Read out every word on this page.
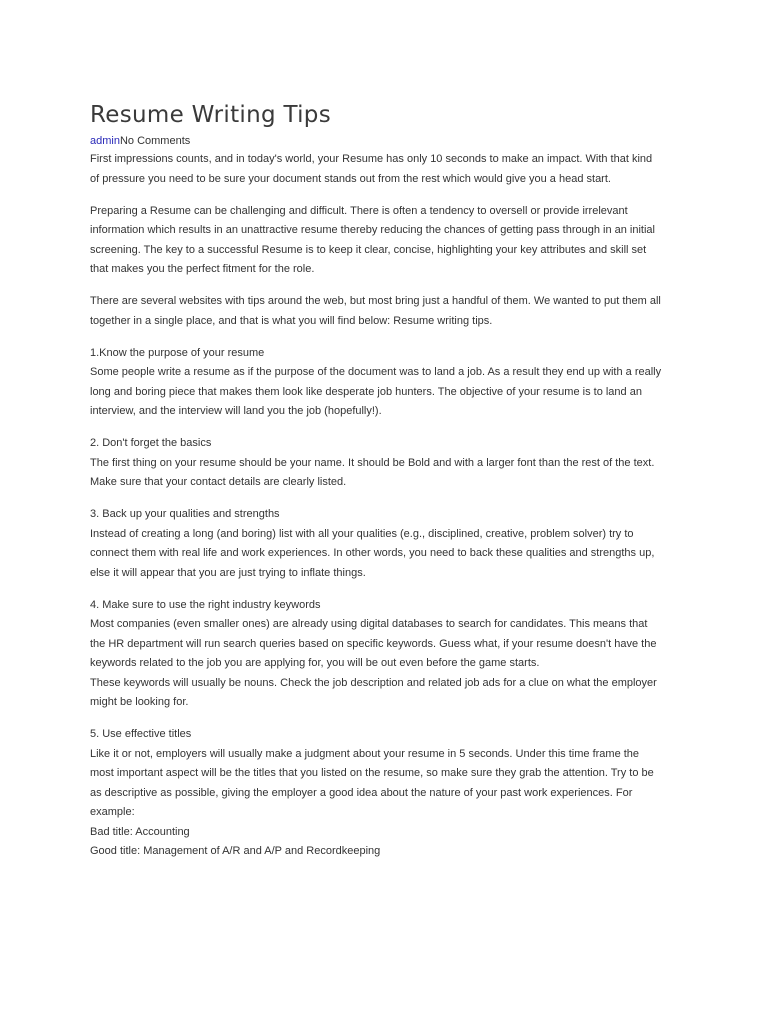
Resume Writing Tips
adminNo Comments

First impressions counts, and in today's world, your Resume has only 10 seconds to make an impact. With that kind
of pressure you need to be sure your document stands out from the rest which would give you a head start.

Preparing a Resume can be challenging and difficult. There is often a tendency to oversell or provide irrelevant
information which results in an unattractive resume thereby reducing the chances of getting pass through in an initial
screening. The key to a successful Resume is to keep it clear, concise, highlighting your key attributes and skill set
that makes you the perfect fitment for the role.

There are several websites with tips around the web, but most bring just a handful of them. We wanted to put them all
together in a single place, and that is what you will find below: Resume writing tips.

1.Know the purpose of your resume
Some people write a resume as if the purpose of the document was to land a job. As a result they end up with a really
long and boring piece that makes them look like desperate job hunters. The objective of your resume is to land an
interview, and the interview will land you the job (hopefully!).

2. Don't forget the basics
The first thing on your resume should be your name. It should be Bold and with a larger font than the rest of the text.
Make sure that your contact details are clearly listed.

3. Back up your qualities and strengths
Instead of creating a long (and boring) list with all your qualities (e.g., disciplined, creative, problem solver) try to
connect them with real life and work experiences. In other words, you need to back these qualities and strengths up,
else it will appear that you are just trying to inflate things.

4. Make sure to use the right industry keywords
Most companies (even smaller ones) are already using digital databases to search for candidates. This means that
the HR department will run search queries based on specific keywords. Guess what, if your resume doesn't have the
keywords related to the job you are applying for, you will be out even before the game starts.
These keywords will usually be nouns. Check the job description and related job ads for a clue on what the employer
might be looking for.

5. Use effective titles
Like it or not, employers will usually make a judgment about your resume in 5 seconds. Under this time frame the
most important aspect will be the titles that you listed on the resume, so make sure they grab the attention. Try to be
as descriptive as possible, giving the employer a good idea about the nature of your past work experiences. For
example:
Bad title: Accounting
Good title: Management of A/R and A/P and Recordkeeping
